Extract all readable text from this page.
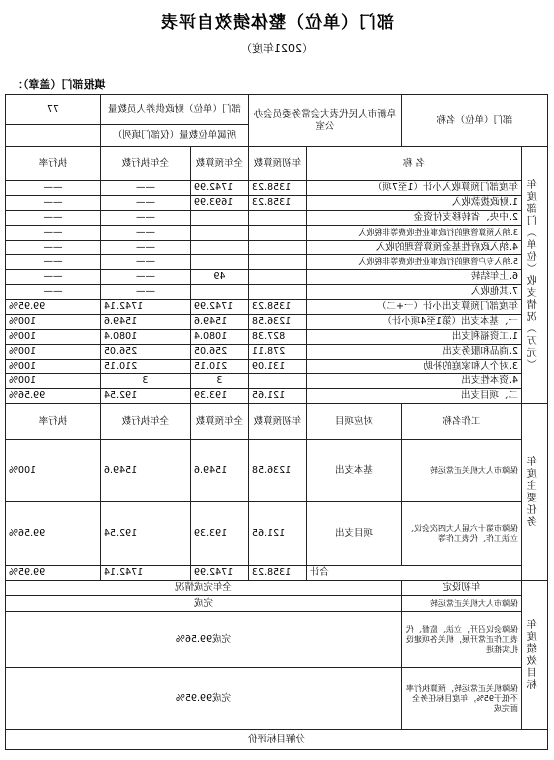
部门（单位）整体绩效自评表
（2021年度）
填报部门（盖章）：
部门（单位）名称		阜新市人民代表大会常务委员会办公室		部门（单位）财政供养人员数量		77
				所属单位数量（仅部门填列）		
年度部门（单位）收支情况（万元）	名 称		年初预算数	全年预算数	全年执行数	执行率
	年度部门预算收入小计（1至7项）		1358.23	1742.99	——	——
	1.财政拨款收入		1358.23	1693.99	——	——
	2.中央、省转移支付资金				——	——
	3.纳入预算管理的行政事业性收费等非税收入				——	——
	4.纳入政府性基金预算管理的收入				——	——
	5.纳入专户管理的行政事业性收费等非税收入				——	——
	6.上年结转			49	——	——
	7.其他收入				——	——
	年度部门预算支出小计（一+二）		1358.23	1742.99	1742.14	99.95%
	一、基本支出（第1至4项小计）		1236.58	1549.6	1549.6	100%
	1.工资福利支出		827.38	1080.4	1080.4	100%
	2.商品和服务支出		278.11	256.05	256.05	100%
	3.对个人和家庭的补助		131.09	210.15	210.15	100%
	4.资本性支出			3	3	100%
	二、项目支出		121.65	193.39	192.54	99.56%
年度主要任务	工作名称	对应项目	年初预算数	全年预算数	全年执行数	执行率
	保障市人大机关正常运转	基本支出	1236.58	1549.6	1549.6	100%
	保障市第十六届人大四次会议、立法工作、代表工作等	项目支出	121.65	193.39	192.54	99.56%
	合计		1358.23	1742.99	1742.14	99.95%
年度绩效目标	年初设定	全年完成情况				
	保障市人大机关正常运转	完成				
	保障会议召开，立法、监督、代表工作正常开展，机关各项建设扎实推进	完成99.56%				
	保障机关正常运转，预算执行率不低于95%，年度目标任务全面完成	完成99.95%				
分解目标评价						
